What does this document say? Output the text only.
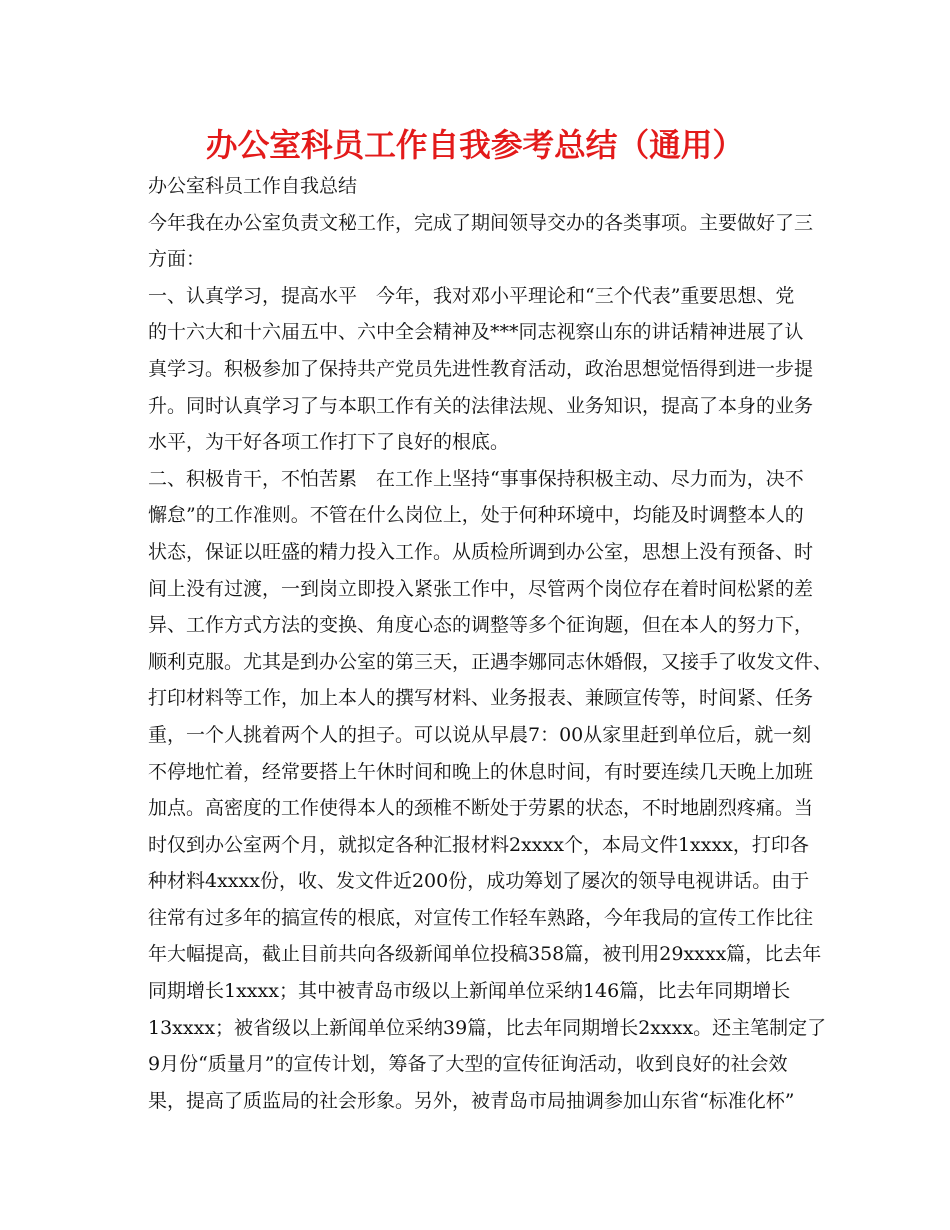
办公室科员工作自我参考总结（通用）
办公室科员工作自我总结
今年我在办公室负责文秘工作，完成了期间领导交办的各类事项。主要做好了三
方面：
一、认真学习，提高水平　今年，我对邓小平理论和“三个代表”重要思想、党
的十六大和十六届五中、六中全会精神及***同志视察山东的讲话精神进展了认
真学习。积极参加了保持共产党员先进性教育活动，政治思想觉悟得到进一步提
升。同时认真学习了与本职工作有关的法律法规、业务知识，提高了本身的业务
水平，为干好各项工作打下了良好的根底。
二、积极肯干，不怕苦累　在工作上坚持“事事保持积极主动、尽力而为，决不
懈怠”的工作准则。不管在什么岗位上，处于何种环境中，均能及时调整本人的
状态，保证以旺盛的精力投入工作。从质检所调到办公室，思想上没有预备、时
间上没有过渡，一到岗立即投入紧张工作中，尽管两个岗位存在着时间松紧的差
异、工作方式方法的变换、角度心态的调整等多个征询题，但在本人的努力下，
顺利克服。尤其是到办公室的第三天，正遇李娜同志休婚假，又接手了收发文件、
打印材料等工作，加上本人的撰写材料、业务报表、兼顾宣传等，时间紧、任务
重，一个人挑着两个人的担子。可以说从早晨7：00从家里赶到单位后，就一刻
不停地忙着，经常要搭上午休时间和晚上的休息时间，有时要连续几天晚上加班
加点。高密度的工作使得本人的颈椎不断处于劳累的状态，不时地剧烈疼痛。当
时仅到办公室两个月，就拟定各种汇报材料2xxxx个，本局文件1xxxx，打印各
种材料4xxxx份，收、发文件近200份，成功筹划了屡次的领导电视讲话。由于
往常有过多年的搞宣传的根底，对宣传工作轻车熟路，今年我局的宣传工作比往
年大幅提高，截止目前共向各级新闻单位投稿358篇，被刊用29xxxx篇，比去年
同期增长1xxxx；其中被青岛市级以上新闻单位采纳146篇，比去年同期增长
13xxxx；被省级以上新闻单位采纳39篇，比去年同期增长2xxxx。还主笔制定了
9月份“质量月”的宣传计划，筹备了大型的宣传征询活动，收到良好的社会效
果，提高了质监局的社会形象。另外，被青岛市局抽调参加山东省“标准化杯”
